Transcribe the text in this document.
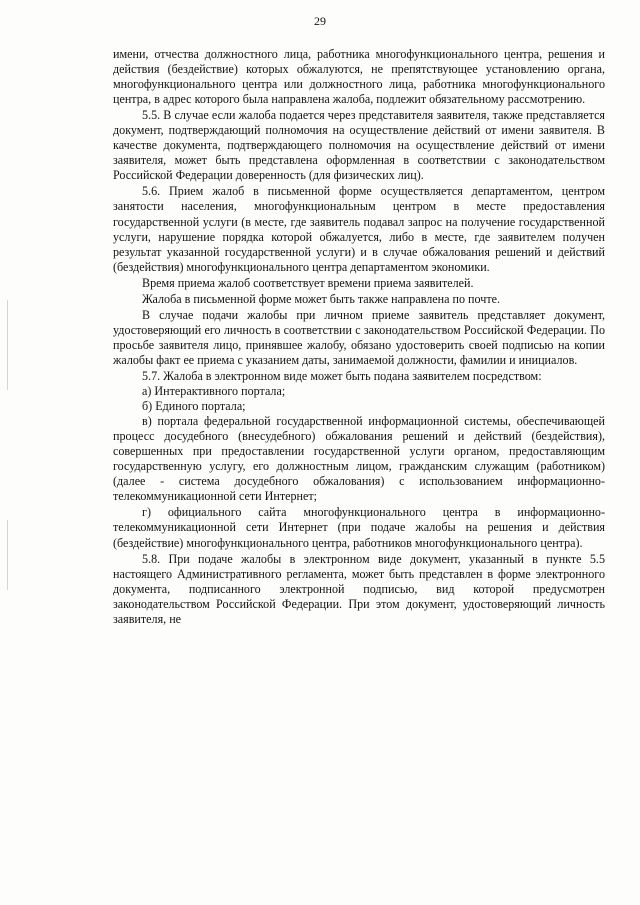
29

имени, отчества должностного лица, работника многофункционального центра, решения и действия (бездействие) которых обжалуются, не препятствующее установлению органа, многофункционального центра или должностного лица, работника многофункционального центра, в адрес которого была направлена жалоба, подлежит обязательному рассмотрению.

5.5. В случае если жалоба подается через представителя заявителя, также представляется документ, подтверждающий полномочия на осуществление действий от имени заявителя. В качестве документа, подтверждающего полномочия на осуществление действий от имени заявителя, может быть представлена оформленная в соответствии с законодательством Российской Федерации доверенность (для физических лиц).

5.6. Прием жалоб в письменной форме осуществляется департаментом, центром занятости населения, многофункциональным центром в месте предоставления государственной услуги (в месте, где заявитель подавал запрос на получение государственной услуги, нарушение порядка которой обжалуется, либо в месте, где заявителем получен результат указанной государственной услуги) и в случае обжалования решений и действий (бездействия) многофункционального центра департаментом экономики.

Время приема жалоб соответствует времени приема заявителей.

Жалоба в письменной форме может быть также направлена по почте.

В случае подачи жалобы при личном приеме заявитель представляет документ, удостоверяющий его личность в соответствии с законодательством Российской Федерации. По просьбе заявителя лицо, принявшее жалобу, обязано удостоверить своей подписью на копии жалобы факт ее приема с указанием даты, занимаемой должности, фамилии и инициалов.

5.7. Жалоба в электронном виде может быть подана заявителем посредством:

а) Интерактивного портала;

б) Единого портала;

в) портала федеральной государственной информационной системы, обеспечивающей процесс досудебного (внесудебного) обжалования решений и действий (бездействия), совершенных при предоставлении государственной услуги органом, предоставляющим государственную услугу, его должностным лицом, гражданским служащим (работником) (далее - система досудебного обжалования) с использованием информационно-телекоммуникационной сети Интернет;

г) официального сайта многофункционального центра в информационно-телекоммуникационной сети Интернет (при подаче жалобы на решения и действия (бездействие) многофункционального центра, работников многофункционального центра).

5.8. При подаче жалобы в электронном виде документ, указанный в пункте 5.5 настоящего Административного регламента, может быть представлен в форме электронного документа, подписанного электронной подписью, вид которой предусмотрен законодательством Российской Федерации. При этом документ, удостоверяющий личность заявителя, не
